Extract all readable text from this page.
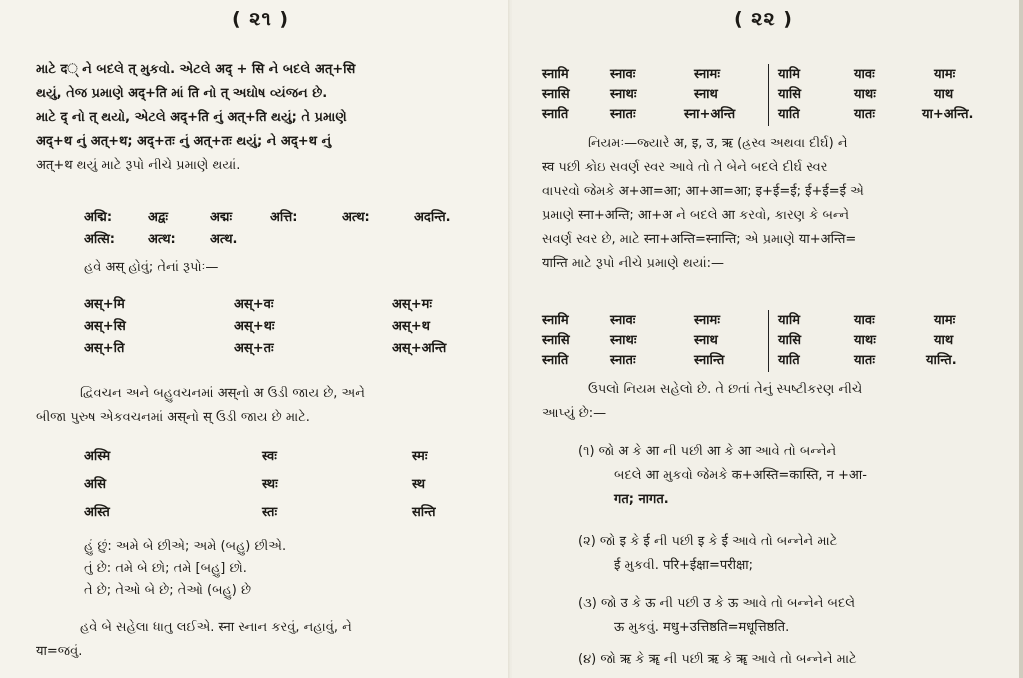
( ૨૧ )
માટે द્ ને બદલે त् મુકવો. એટલે अद् + सि ને બદલે अत्+सि
થયું, તેજ પ્રમાણે अद्+ति માં ति નો त् અઘોષ વ્યંજન છે.
માટે द् નો त् થયો, એટલે अद्+ति નું अत्+ति થયું; તે પ્રમાણે
अद्+थ નું अत्+थ; अद्+तः નું अत्+तः થયું; ને अद्+थ નું
अत्+थ થયું માટે રૂપો નીચે પ્રમાણે થયાં.
अद्मि:	अद्वः	अद्मः	अत्ति:	अत्थ:	अदन्ति.
अत्सि:	अत्थ:	अत्थ.
હવે अस् હોવું; તેનાં રૂપોઃ—
अस्+मि	अस्+वः	अस्+मः
अस्+सि	अस्+थः	अस्+थ
अस्+ति	अस्+तः	अस्+अन्ति
દ્વિવચન અને બહુવચનમાં अस्નો अ ઉડી જાય છે, અને
બીજા પુરુષ એકવચનમાં अस्નો स् ઉડી જાય છે માટે.
अस्मि	स्वः	स्मः
असि	स्थः	स्थ
अस्ति	स्तः	सन्ति
હું છું: અમે બે છીએ; અમે (બહુ) છીએ.
તું છે: તમે બે છો; તમે [બહુ] છો.
તે છે; તેઓ બે છે; તેઓ (બહુ) છે
હવે બે સહેલા ધાતુ લઈએ. स्ना સ્નાન કરવું, નહાવું, ને
या=જવું.
( ૨૨ )
स्नामि	स्नावः	स्नामः	यामि	यावः	यामः
स्नासि	स्नाथः	स्नाथ	यासि	याथः	याथ
स्नाति	स्नातः	स्ना+अन्ति	याति	यातः	या+अन्ति.
નિયમઃ—જ્યારે अ, इ, उ, ऋ (હ્રસ્વ અથવા દીર્ઘ) ને
स्व પછી કોઇ સવર્ણ સ્વર આવે તો તે બેને બદલે દીર્ઘ સ્વર
વાપરવો જેમકે अ+आ=आ; आ+आ=आ; इ+ई=ई; ई+ई=ई એ
પ્રમાણે स्ना+अन्ति; आ+अ ને બદલે आ કરવો, કારણ કે બન્ને
સવર્ણ સ્વર છે, માટે स्ना+अन्ति=स्नान्ति; એ પ્રમાણે या+अन्ति=
यान्ति માટે રૂપો નીચે પ્રમાણે થયાં:—
स्नामि	स्नावः	स्नामः	यामि	यावः	यामः
स्नासि	स्नाथः	स्नाथ	यासि	याथः	याथ
स्नाति	स्नातः	स्नान्ति	याति	यातः	यान्ति.
ઉપલો નિયમ સહેલો છે. તે છતાં તેનું સ્પષ્ટીકરણ નીચે
આપ્યું છે:—
(૧) જો अ કે आ ની પછી आ કે आ આવે તો બન્નેને
બદલે आ મુકવો જેમકે क+अस्ति=कास्ति, न +आ-
गत; नागत.
(૨) જો इ કે ई ની પછી इ કે ई આવે તો બન્નેને માટે
ई મુકવી. परि+ईक्षा=परीक्षा;
(૩) જો उ કે ऊ ની પછી उ કે ऊ આવે તો બન્નેને બદલે
ऊ મુકવું. मधु+उत्तिष्ठति=मधूत्तिष्ठति.
(૪) જો ऋ કે ॠ ની પછી ऋ કે ॠ આવે તો બન્નેને માટે
